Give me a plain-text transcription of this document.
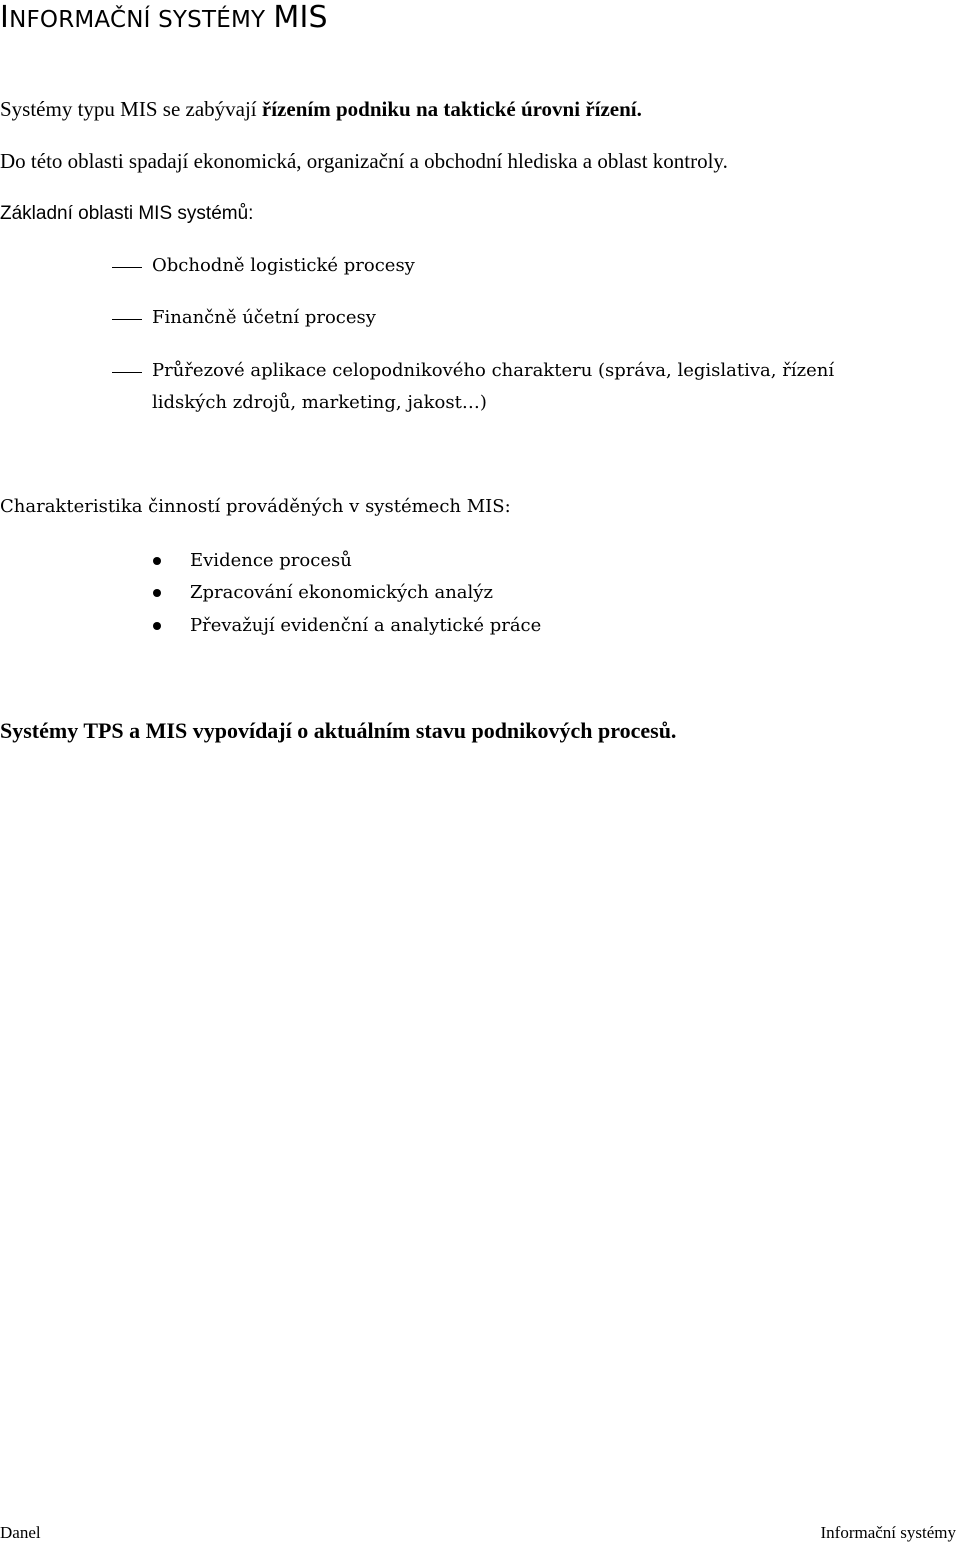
INFORMAČNÍ SYSTÉMY MIS
Systémy typu MIS se zabývají řízením podniku na taktické úrovni řízení.
Do této oblasti spadají ekonomická, organizační a obchodní hlediska a oblast kontroly.
Základní oblasti MIS systémů:
Obchodně logistické procesy
Finančně účetní procesy
Průřezové aplikace celopodnikového charakteru (správa, legislativa, řízení
lidských zdrojů, marketing, jakost…)
Charakteristika činností prováděných v systémech MIS:
Evidence procesů
Zpracování ekonomických analýz
Převažují evidenční a analytické práce
Systémy TPS a MIS vypovídají o aktuálním stavu podnikových procesů.
Danel	Informační systémy
